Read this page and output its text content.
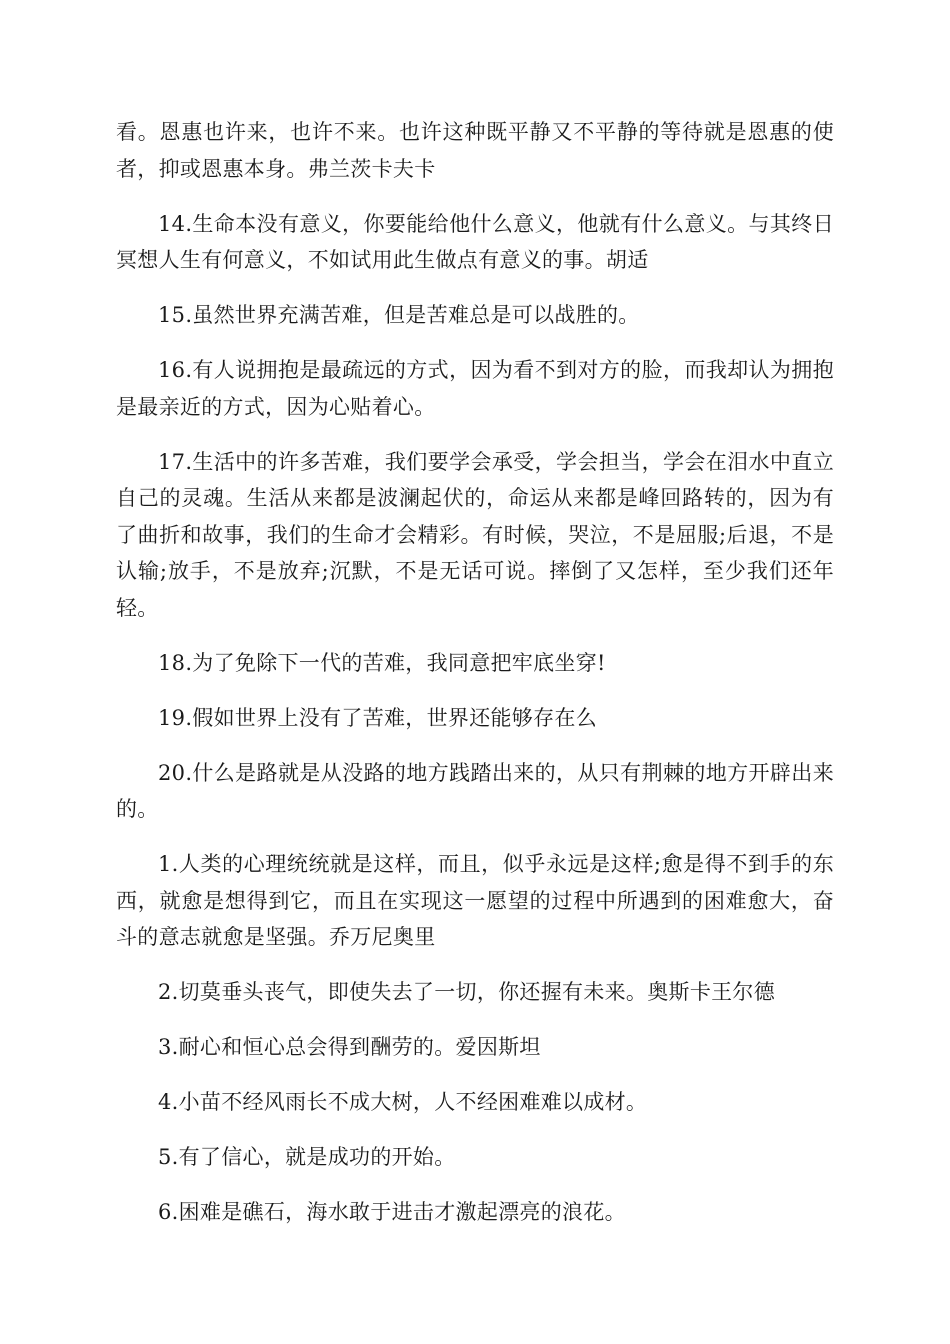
看。恩惠也许来，也许不来。也许这种既平静又不平静的等待就是恩惠的使者，抑或恩惠本身。弗兰茨卡夫卡

14.生命本没有意义，你要能给他什么意义，他就有什么意义。与其终日冥想人生有何意义，不如试用此生做点有意义的事。胡适

15.虽然世界充满苦难，但是苦难总是可以战胜的。

16.有人说拥抱是最疏远的方式，因为看不到对方的脸，而我却认为拥抱是最亲近的方式，因为心贴着心。

17.生活中的许多苦难，我们要学会承受，学会担当，学会在泪水中直立自己的灵魂。生活从来都是波澜起伏的，命运从来都是峰回路转的，因为有了曲折和故事，我们的生命才会精彩。有时候，哭泣，不是屈服;后退，不是认输;放手，不是放弃;沉默，不是无话可说。摔倒了又怎样，至少我们还年轻。

18.为了免除下一代的苦难，我同意把牢底坐穿!

19.假如世界上没有了苦难，世界还能够存在么

20.什么是路就是从没路的地方践踏出来的，从只有荆棘的地方开辟出来的。

1.人类的心理统统就是这样，而且，似乎永远是这样;愈是得不到手的东西，就愈是想得到它，而且在实现这一愿望的过程中所遇到的困难愈大，奋斗的意志就愈是坚强。乔万尼奥里

2.切莫垂头丧气，即使失去了一切，你还握有未来。奥斯卡王尔德

3.耐心和恒心总会得到酬劳的。爱因斯坦

4.小苗不经风雨长不成大树，人不经困难难以成材。

5.有了信心，就是成功的开始。

6.困难是礁石，海水敢于进击才激起漂亮的浪花。
